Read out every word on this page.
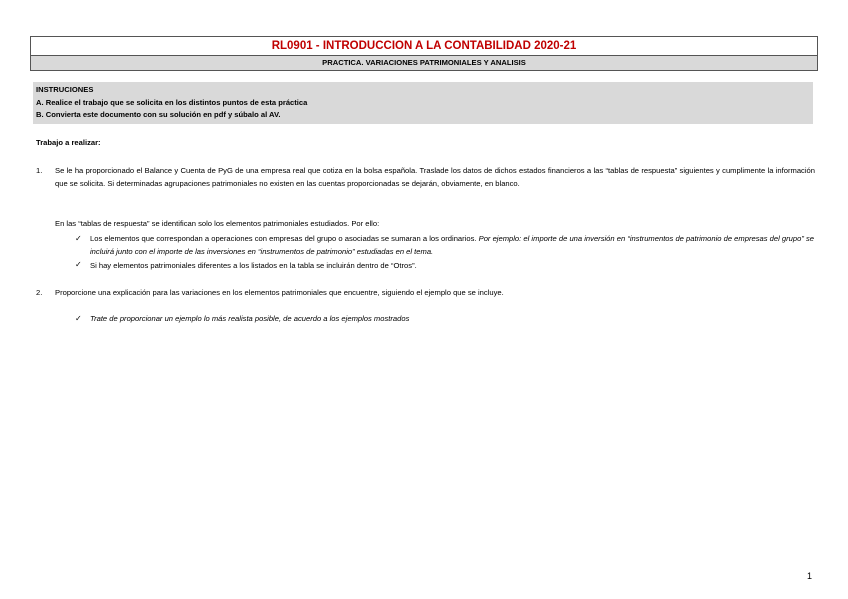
RL0901 - INTRODUCCION A LA CONTABILIDAD 2020-21
PRACTICA. VARIACIONES PATRIMONIALES Y ANALISIS
INSTRUCIONES
A. Realice el trabajo que se solicita en los distintos puntos de esta práctica
B. Convierta este documento con su solución en pdf y súbalo al AV.
Trabajo a realizar:
1. Se le ha proporcionado el Balance y Cuenta de PyG de una empresa real que cotiza en la bolsa española. Traslade los datos de dichos estados financieros a las “tablas de respuesta” siguientes y cumplimente la información que se solicita. Si determinadas agrupaciones patrimoniales no existen en las cuentas proporcionadas se dejarán, obviamente, en blanco.
En las “tablas de respuesta” se identifican solo los elementos patrimoniales estudiados. Por ello:
✓ Los elementos que correspondan a operaciones con empresas del grupo o asociadas se sumaran a los ordinarios. Por ejemplo: el importe de una inversión en “instrumentos de patrimonio de empresas del grupo” se incluirá junto con el importe de las inversiones en “instrumentos de patrimonio” estudiadas en el tema.
✓ Si hay elementos patrimoniales diferentes a los listados en la tabla se incluirán dentro de “Otros”.
2. Proporcione una explicación para las variaciones en los elementos patrimoniales que encuentre, siguiendo el ejemplo que se incluye.
✓ Trate de proporcionar un ejemplo lo más realista posible, de acuerdo a los ejemplos mostrados
1
